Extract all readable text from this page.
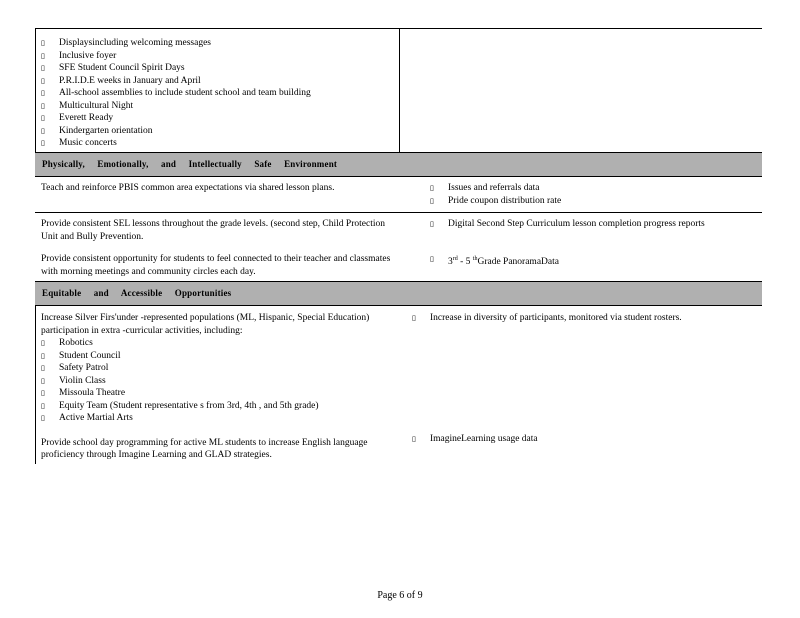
▯ Displaysincluding welcoming messages
▯ Inclusive foyer
▯ SFE Student Council Spirit Days
▯ P.R.I.D.E weeks in January and April
▯ All-school assemblies to include student school and team building
▯ Multicultural Night
▯ Everett Ready
▯ Kindergarten orientation
▯ Music concerts
Physically, Emotionally, and Intellectually Safe Environment
Teach and reinforce PBIS common area expectations via shared lesson plans.
▯	Issues and referrals data
▯ Pride coupon distribution rate
Provide consistent SEL lessons throughout the grade levels. (second step, Child Protection Unit and Bully Prevention.
▯ Digital Second Step Curriculum lesson completion progress reports
Provide consistent opportunity for students to feel connected to their teacher and classmates with morning meetings and community circles each day.
▯ 3rd - 5 $^{th}$Grade PanoramaData
Equitable and Accessible Opportunities
Increase Silver Firs'under -represented populations (ML, Hispanic, Special Education) participation in extra -curricular activities, including:
▯ Robotics
▯ Student Council
▯ Safety Patrol
▯ Violin Class
▯ Missoula Theatre
▯ Equity Team (Student representative s from 3rd, 4th , and 5th grade)
▯ Active Martial Arts
Provide school day programming for active ML students to increase English language proficiency through Imagine Learning and GLAD strategies.
▯ Increase in diversity of participants, monitored via student rosters.
▯ ImagineLearning usage data
Page 6 of 9
